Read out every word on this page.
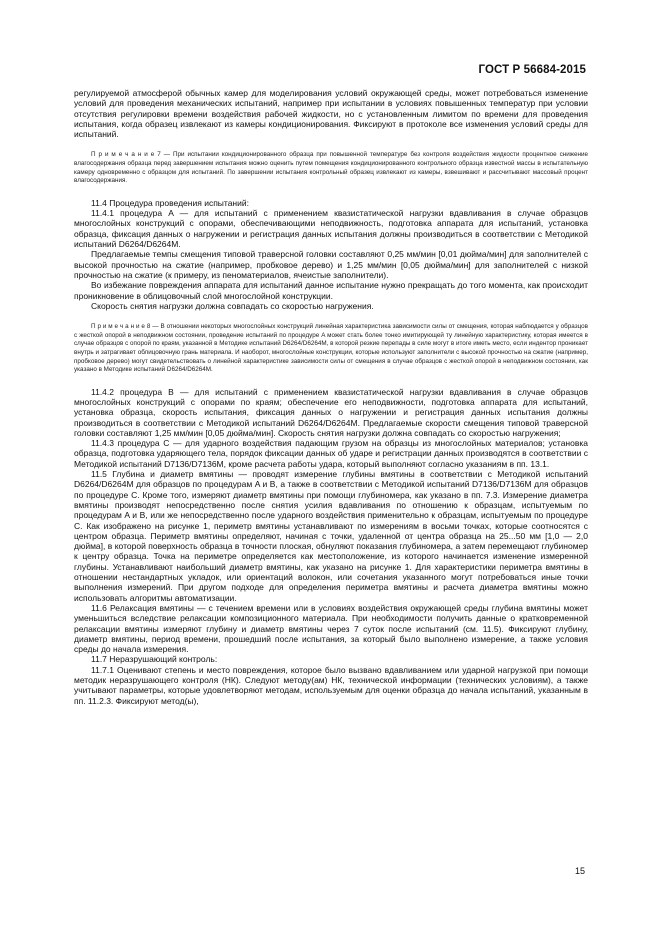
ГОСТ Р 56684-2015

регулируемой атмосферой обычных камер для моделирования условий окружающей среды, может потребоваться изменение условий для проведения механических испытаний, например при испытании в условиях повышенных температур при условии отсутствия регулировки времени воздействия рабочей жидкости, но с установленным лимитом по времени для проведения испытания, когда образец извлекают из камеры кондиционирования. Фиксируют в протоколе все изменения условий среды для испытаний.

П р и м е ч а н и е 7 — При испытании кондиционированного образца при повышенной температуре без контроля воздействия жидкости процентное снижение влагосодержания образца перед завершением испытания можно оценить путем помещения кондиционированного контрольного образца известной массы в испытательную камеру одновременно с образцом для испытаний. По завершении испытания контрольный образец извлекают из камеры, взвешивают и рассчитывают массовый процент влагосодержания.

11.4 Процедура проведения испытаний:

11.4.1 процедура A — для испытаний с применением квазистатической нагрузки вдавливания в случае образцов многослойных конструкций с опорами, обеспечивающими неподвижность, подготовка аппарата для испытаний, установка образца, фиксация данных о нагружении и регистрация данных испытания должны производиться в соответствии с Методикой испытаний D6264/D6264M.

Предлагаемые темпы смещения типовой траверсной головки составляют 0,25 мм/мин [0,01 дюйма/мин] для заполнителей с высокой прочностью на сжатие (например, пробковое дерево) и 1,25 мм/мин [0,05 дюйма/мин] для заполнителей с низкой прочностью на сжатие (к примеру, из пеноматериалов, ячеистые заполнители).

Во избежание повреждения аппарата для испытаний данное испытание нужно прекращать до того момента, как происходит проникновение в облицовочный слой многослойной конструкции.

Скорость снятия нагрузки должна совпадать со скоростью нагружения.

П р и м е ч а н и е 8 — В отношении некоторых многослойных конструкций линейная характеристика зависимости силы от смещения, которая наблюдается у образцов с жесткой опорой в неподвижном состоянии, проведение испытаний по процедуре A может стать более тонко имитирующей ту линейную характеристику, которая имеется в случае образцов с опорой по краям, указанной в Методике испытаний D6264/D6264M, в которой резкие перепады в силе могут в итоге иметь место, если индентор проникает внутрь и затрагивает облицовочную грань материала. И наоборот, многослойные конструкции, которые используют заполнители с высокой прочностью на сжатие (например, пробковое дерево) могут свидетельствовать о линейной характеристике зависимости силы от смещения в случае образцов с жесткой опорой в неподвижном состоянии, как указано в Методике испытаний D6264/D6264M.

11.4.2 процедура B — для испытаний с применением квазистатической нагрузки вдавливания в случае образцов многослойных конструкций с опорами по краям; обеспечение его неподвижности, подготовка аппарата для испытаний, установка образца, скорость испытания, фиксация данных о нагружении и регистрация данных испытания должны производиться в соответствии с Методикой испытаний D6264/D6264M. Предлагаемые скорости смещения типовой траверсной головки составляют 1,25 мм/мин [0,05 дюйма/мин]. Скорость снятия нагрузки должна совпадать со скоростью нагружения;

11.4.3 процедура C — для ударного воздействия падающим грузом на образцы из многослойных материалов; установка образца, подготовка ударяющего тела, порядок фиксации данных об ударе и регистрации данных производятся в соответствии с Методикой испытаний D7136/D7136M, кроме расчета работы удара, который выполняют согласно указаниям в пп. 13.1.

11.5 Глубина и диаметр вмятины — проводят измерение глубины вмятины в соответствии с Методикой испытаний D6264/D6264M для образцов по процедурам A и B, а также в соответствии с Методикой испытаний D7136/D7136M для образцов по процедуре C. Кроме того, измеряют диаметр вмятины при помощи глубиномера, как указано в пп. 7.3. Измерение диаметра вмятины производят непосредственно после снятия усилия вдавливания по отношению к образцам, испытуемым по процедурам A и B, или же непосредственно после ударного воздействия применительно к образцам, испытуемым по процедуре C. Как изображено на рисунке 1, периметр вмятины устанавливают по измерениям в восьми точках, которые соотносятся с центром образца. Периметр вмятины определяют, начиная с точки, удаленной от центра образца на 25...50 мм [1,0 — 2,0 дюйма], в которой поверхность образца в точности плоская, обнуляют показания глубиномера, а затем перемещают глубиномер к центру образца. Точка на периметре определяется как местоположение, из которого начинается изменение измеренной глубины. Устанавливают наибольший диаметр вмятины, как указано на рисунке 1. Для характеристики периметра вмятины в отношении нестандартных укладок, или ориентаций волокон, или сочетания указанного могут потребоваться иные точки выполнения измерений. При другом подходе для определения периметра вмятины и расчета диаметра вмятины можно использовать алгоритмы автоматизации.

11.6 Релаксация вмятины — с течением времени или в условиях воздействия окружающей среды глубина вмятины может уменьшиться вследствие релаксации композиционного материала. При необходимости получить данные о кратковременной релаксации вмятины измеряют глубину и диаметр вмятины через 7 суток после испытаний (см. 11.5). Фиксируют глубину, диаметр вмятины, период времени, прошедший после испытания, за который было выполнено измерение, а также условия среды до начала измерения.

11.7 Неразрушающий контроль:

11.7.1 Оценивают степень и место повреждения, которое было вызвано вдавливанием или ударной нагрузкой при помощи методик неразрушающего контроля (НК). Следуют методу(ам) НК, технической информации (технических условиям), а также учитывают параметры, которые удовлетворяют методам, используемым для оценки образца до начала испытаний, указанным в пп. 11.2.3. Фиксируют метод(ы),

15
